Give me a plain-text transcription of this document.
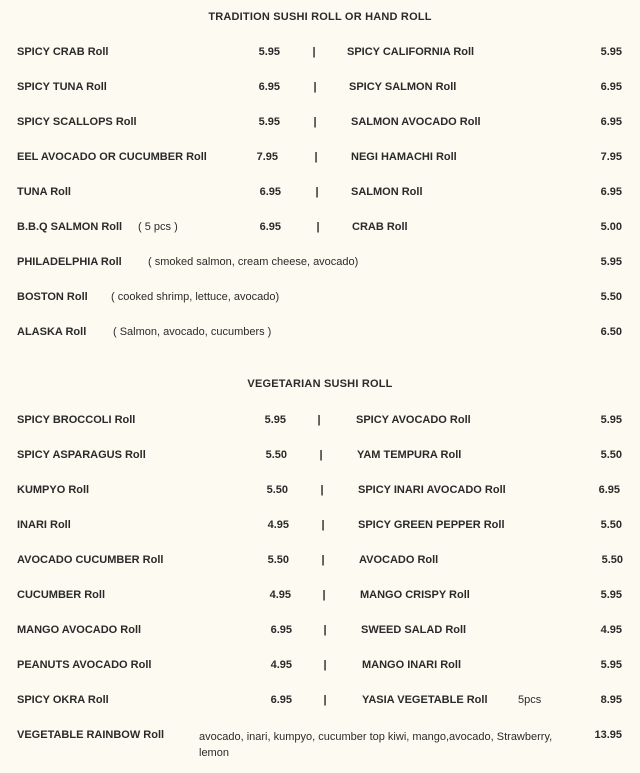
TRADITION SUSHI ROLL OR HAND ROLL
SPICY CRAB Roll	5.95	|	SPICY CALIFORNIA Roll	5.95
SPICY TUNA Roll	6.95	|	SPICY SALMON Roll	6.95
SPICY SCALLOPS Roll	5.95	|	SALMON AVOCADO Roll	6.95
EEL AVOCADO OR CUCUMBER Roll	7.95	|	NEGI HAMACHI Roll	7.95
TUNA Roll	6.95	|	SALMON Roll	6.95
B.B.Q SALMON Roll ( 5 pcs )	6.95	|	CRAB Roll	5.00
PHILADELPHIA Roll ( smoked salmon, cream cheese, avocado)	5.95
BOSTON Roll ( cooked shrimp, lettuce, avocado)	5.50
ALASKA Roll ( Salmon, avocado, cucumbers )	6.50
VEGETARIAN SUSHI ROLL
SPICY BROCCOLI Roll	5.95	|	SPICY AVOCADO Roll	5.95
SPICY ASPARAGUS Roll	5.50	|	YAM TEMPURA Roll	5.50
KUMPYO Roll	5.50	|	SPICY INARI AVOCADO Roll	6.95
INARI Roll	4.95	|	SPICY GREEN PEPPER Roll	5.50
AVOCADO CUCUMBER Roll	5.50	|	AVOCADO Roll	5.50
CUCUMBER Roll	4.95	|	MANGO CRISPY Roll	5.95
MANGO AVOCADO Roll	6.95	|	SWEED SALAD Roll	4.95
PEANUTS AVOCADO Roll	4.95	|	MANGO INARI Roll	5.95
SPICY OKRA Roll	6.95	|	YASIA VEGETABLE Roll	5pcs	8.95
VEGETABLE RAINBOW Roll	13.95
avocado, inari, kumpyo, cucumber top kiwi, mango,avocado, Strawberry, lemon
